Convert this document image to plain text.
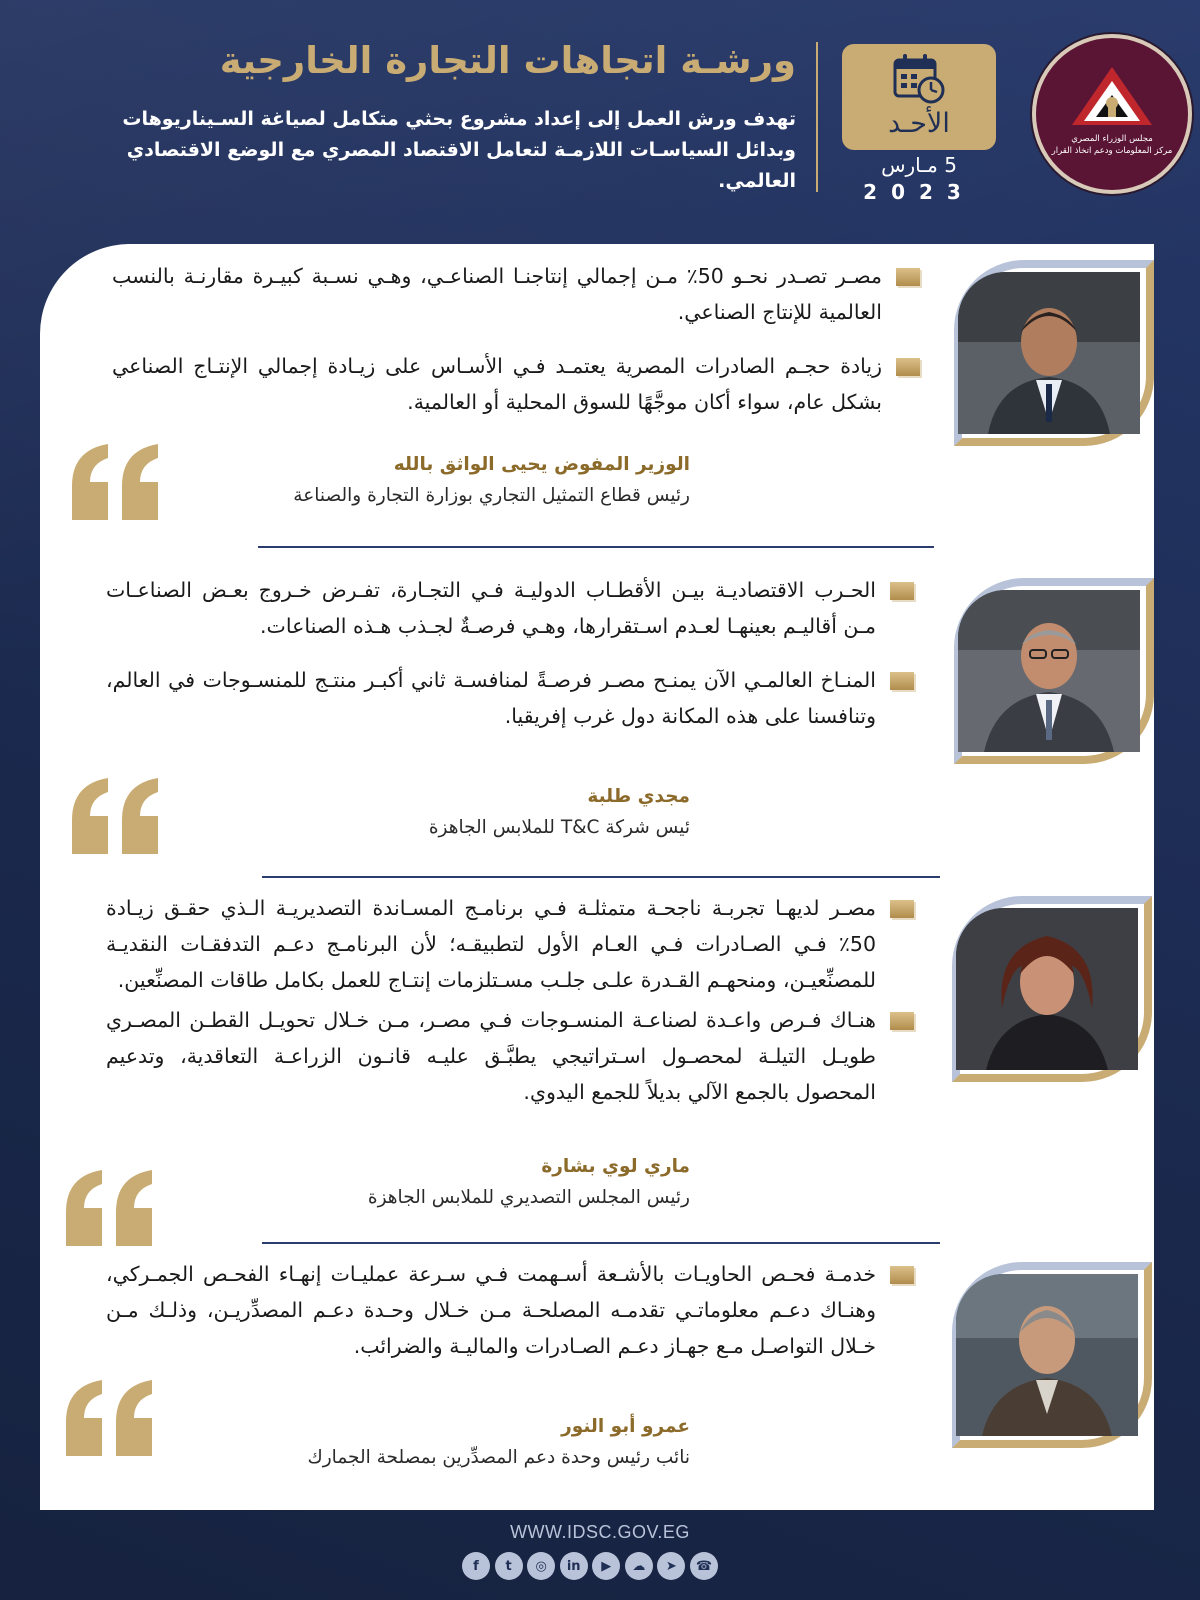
مجلس الوزراء المصري
مركز المعلومات ودعم اتخاذ القرار
الأحـد
5 مـارس
2023
ورشـة اتجاهات التجارة الخارجية
تهدف ورش العمل إلى إعداد مشروع بحثي متكامل لصياغة السـيناريوهات
وبدائل السياسـات اللازمـة لتعامل الاقتصاد المصري مع الوضع الاقتصادي
العالمي.
مصـر تصـدر نحـو 50٪ مـن إجمالي إنتاجنـا الصناعـي، وهـي نسـبة كبيـرة مقارنـة بالنسب العالمية للإنتاج الصناعي.
زيادة حجـم الصادرات المصرية يعتمـد فـي الأسـاس على زيـادة إجمالي الإنتـاج الصناعي بشكل عام، سواء أكان موجَّهًا للسوق المحلية أو العالمية.
الوزير المفوض يحيى الواثق بالله
رئيس قطاع التمثيل التجاري بوزارة التجارة والصناعة
الحـرب الاقتصاديـة بيـن الأقطـاب الدوليـة فـي التجـارة، تفـرض خـروج بعـض الصناعـات مـن أقاليـم بعينهـا لعـدم اسـتقرارها، وهـي فرصـةٌ لجـذب هـذه الصناعات.
المنـاخ العالمـي الآن يمنـح مصـر فرصـةً لمنافسـة ثاني أكبـر منتـج للمنسـوجات في العالم، وتنافسنا على هذه المكانة دول غرب إفريقيا.
مجدي طلبة
ئيس شركة T&C للملابس الجاهزة
مصـر لديهـا تجربـة ناجحـة متمثلـة فـي برنامـج المسـاندة التصديريـة الـذي حقـق زيـادة 50٪ فـي الصـادرات فـي العـام الأول لتطبيقـه؛ لأن البرنامـج دعـم التدفقـات النقديـة للمصنِّعيـن، ومنحهـم القـدرة علـى جلـب مسـتلزمات إنتـاج للعمل بكامل طاقات المصنِّعين.
هنـاك فـرص واعـدة لصناعـة المنسـوجات فـي مصـر، مـن خـلال تحويـل القطـن المصـري طويـل التيلـة لمحصـول اسـتراتيجي يطبَّـق عليـه قانـون الزراعـة التعاقدية، وتدعيم المحصول بالجمع الآلي بديلاً للجمع اليدوي.
ماري لوي بشارة
رئيس المجلس التصديري للملابس الجاهزة
خدمـة فحـص الحاويـات بالأشـعة أسـهمت فـي سـرعة عمليـات إنهـاء الفحـص الجمـركي، وهنـاك دعـم معلوماتـي تقدمـه المصلحـة مـن خـلال وحـدة دعـم المصدِّريـن، وذلـك مـن خـلال التواصـل مـع جهـاز دعـم الصـادرات والماليـة والضرائب.
عمرو أبو النور
نائب رئيس وحدة دعم المصدِّرين بمصلحة الجمارك
WWW.IDSC.GOV.EG
f	t	◎	in	▶	☁	➤	☎
